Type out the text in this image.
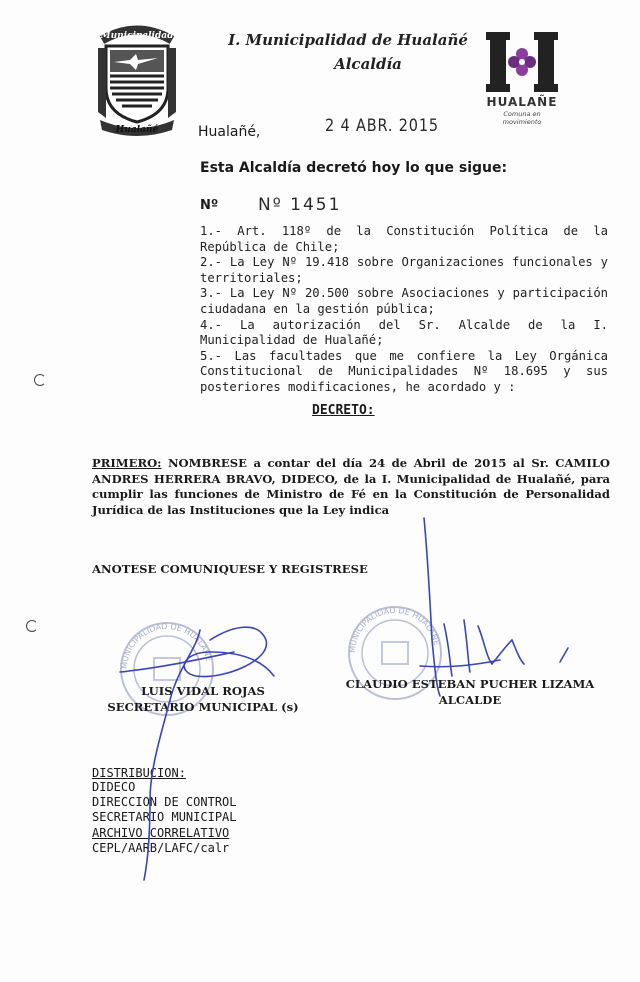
Municipalidad
Hualañé
I. Municipalidad de Hualañé
Alcaldía
HUALAÑE
Comuna en movimiento
Hualañé,	2 4 ABR. 2015
Esta Alcaldía decretó hoy lo que sigue:
Nº Nº 1451

1.- Art. 118º de la Constitución Política de la República de Chile;

2.- La Ley Nº 19.418 sobre Organizaciones funcionales y territoriales;

3.- La Ley Nº 20.500 sobre Asociaciones y participación ciudadana en la gestión pública;

4.- La autorización del Sr. Alcalde de la I. Municipalidad de Hualañé;

5.- Las facultades que me confiere la Ley Orgánica Constitucional de Municipalidades Nº 18.695 y sus posteriores modificaciones, he acordado y :

DECRETO:
PRIMERO: NOMBRESE a contar del día 24 de Abril de 2015 al Sr. CAMILO ANDRES HERRERA BRAVO, DIDECO, de la I. Municipalidad de Hualañé, para cumplir las funciones de Ministro de Fé en la Constitución de Personalidad Jurídica de las Instituciones que la Ley indica
ANOTESE COMUNIQUESE Y REGISTRESE
MUNICIPALIDAD DE HUALAÑE
MUNICIPALIDAD DE HUALAÑE
LUIS VIDAL ROJAS
SECRETARIO MUNICIPAL (s)
CLAUDIO ESTEBAN PUCHER LIZAMA
ALCALDE
DISTRIBUCION:
DIDECO
DIRECCION DE CONTROL
SECRETARIO MUNICIPAL
ARCHIVO CORRELATIVO
CEPL/AARB/LAFC/calr
